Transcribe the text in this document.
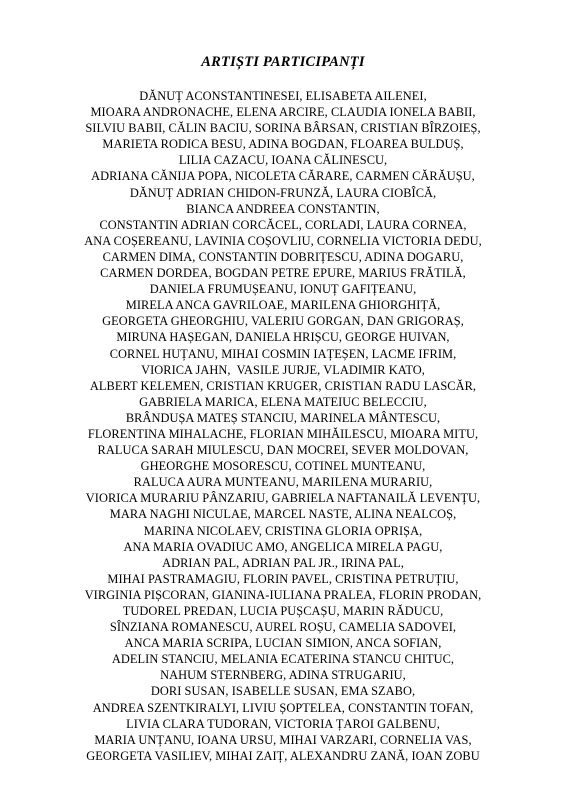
ARTIȘTI PARTICIPANȚI
DĂNUȚ ACONSTANTINESEI, ELISABETA AILENEI,
MIOARA ANDRONACHE, ELENA ARCIRE, CLAUDIA IONELA BABII,
SILVIU BABII, CĂLIN BACIU, SORINA BÂRSAN, CRISTIAN BÎRZOIEȘ,
MARIETA RODICA BESU, ADINA BOGDAN, FLOAREA BULDUȘ,
LILIA CAZACU, IOANA CĂLINESCU,
ADRIANA CĂNIJA POPA, NICOLETA CĂRARE, CARMEN CĂRĂUȘU,
DĂNUȚ ADRIAN CHIDON-FRUNZĂ, LAURA CIOBÎCĂ,
BIANCA ANDREEA CONSTANTIN,
CONSTANTIN ADRIAN CORCĂCEL, CORLADI, LAURA CORNEA,
ANA COȘEREANU, LAVINIA COȘOVLIU, CORNELIA VICTORIA DEDU,
CARMEN DIMA, CONSTANTIN DOBRIȚESCU, ADINA DOGARU,
CARMEN DORDEA, BOGDAN PETRE EPURE, MARIUS FRĂTILĂ,
DANIELA FRUMUȘEANU, IONUȚ GAFIȚEANU,
MIRELA ANCA GAVRILOAE, MARILENA GHIORGHIȚĂ,
GEORGETA GHEORGHIU, VALERIU GORGAN, DAN GRIGORAȘ,
MIRUNA HAȘEGAN, DANIELA HRIȘCU, GEORGE HUIVAN,
CORNEL HUȚANU, MIHAI COSMIN IAȚEȘEN, LACME IFRIM,
VIORICA JAHN,  VASILE JURJE, VLADIMIR KATO,
ALBERT KELEMEN, CRISTIAN KRUGER, CRISTIAN RADU LASCĂR,
GABRIELA MARICA, ELENA MATEIUC BELECCIU,
BRÂNDUȘA MATEȘ STANCIU, MARINELA MÂNTESCU,
FLORENTINA MIHALACHE, FLORIAN MIHĂILESCU, MIOARA MITU,
RALUCA SARAH MIULESCU, DAN MOCREI, SEVER MOLDOVAN,
GHEORGHE MOSORESCU, COTINEL MUNTEANU,
RALUCA AURA MUNTEANU, MARILENA MURARIU,
VIORICA MURARIU PÂNZARIU, GABRIELA NAFTANAILĂ LEVENȚU,
MARA NAGHI NICULAE, MARCEL NASTE, ALINA NEALCOȘ,
MARINA NICOLAEV, CRISTINA GLORIA OPRIȘA,
ANA MARIA OVADIUC AMO, ANGELICA MIRELA PAGU,
ADRIAN PAL, ADRIAN PAL JR., IRINA PAL,
MIHAI PASTRAMAGIU, FLORIN PAVEL, CRISTINA PETRUȚIU,
VIRGINIA PIȘCORAN, GIANINA-IULIANA PRALEA, FLORIN PRODAN,
TUDOREL PREDAN, LUCIA PUȘCAȘU, MARIN RĂDUCU,
SÎNZIANA ROMANESCU, AUREL ROȘU, CAMELIA SADOVEI,
ANCA MARIA SCRIPA, LUCIAN SIMION, ANCA SOFIAN,
ADELIN STANCIU, MELANIA ECATERINA STANCU CHITUC,
NAHUM STERNBERG, ADINA STRUGARIU,
DORI SUSAN, ISABELLE SUSAN, EMA SZABO,
ANDREA SZENTKIRALYI, LIVIU ȘOPTELEA, CONSTANTIN TOFAN,
LIVIA CLARA TUDORAN, VICTORIA ȚAROI GALBENU,
MARIA UNȚANU, IOANA URSU, MIHAI VARZARI, CORNELIA VAS,
GEORGETA VASILIEV, MIHAI ZAIȚ, ALEXANDRU ZANĂ, IOAN ZOBU
